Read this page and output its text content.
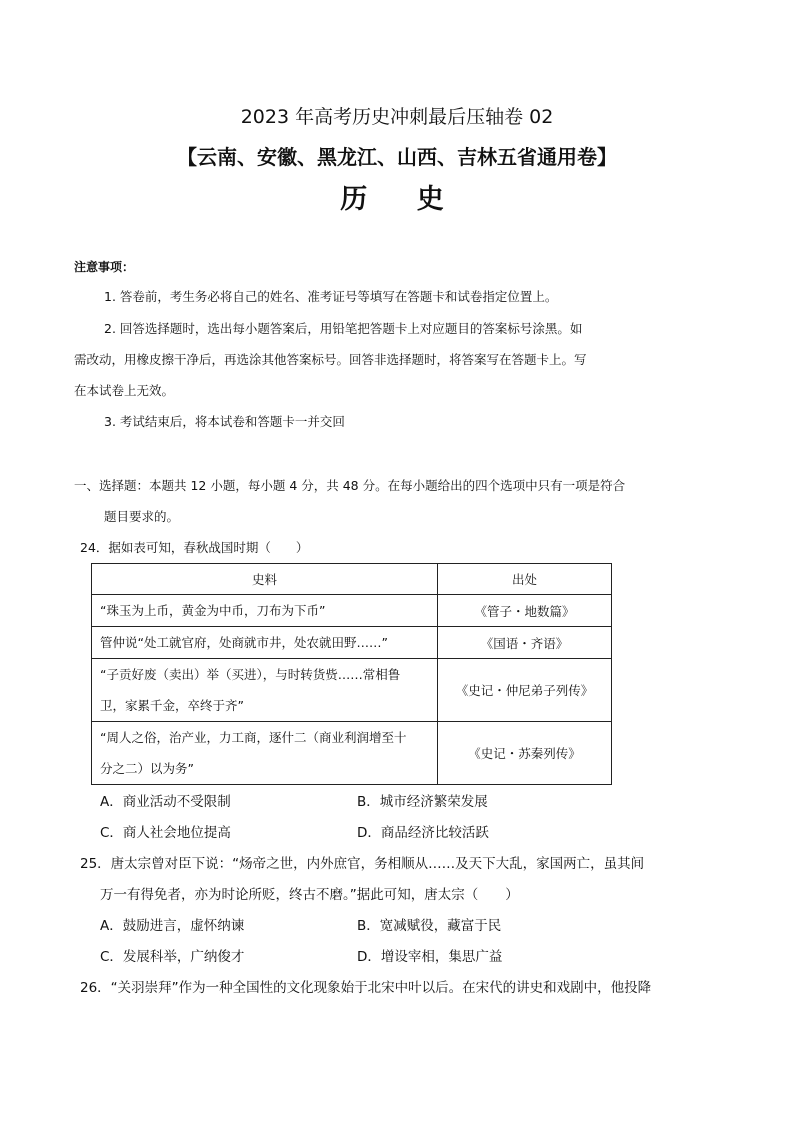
2023 年高考历史冲刺最后压轴卷 02
【云南、安徽、黑龙江、山西、吉林五省通用卷】
历 史
注意事项：
1. 答卷前，考生务必将自己的姓名、准考证号等填写在答题卡和试卷指定位置上。
2. 回答选择题时，选出每小题答案后，用铅笔把答题卡上对应题目的答案标号涂黑。如
需改动，用橡皮擦干净后，再选涂其他答案标号。回答非选择题时，将答案写在答题卡上。写
在本试卷上无效。
3. 考试结束后，将本试卷和答题卡一并交回
一、选择题：本题共 12 小题，每小题 4 分，共 48 分。在每小题给出的四个选项中只有一项是符合
题目要求的。
24．据如表可知，春秋战国时期（　　）
史料	出处
“珠玉为上币，黄金为中币，刀布为下币”	《管子・地数篇》
管仲说“处工就官府，处商就市井，处农就田野……”	《国语・齐语》

“子贡好废（卖出）举（买进），与时转货赀……常相鲁
卫，家累千金，卒终于齐”	《史记・仲尼弟子列传》

“周人之俗，治产业，力工商，逐什二（商业利润增至十
分之二）以为务”	《史记・苏秦列传》
A．商业活动不受限制	B．城市经济繁荣发展
C．商人社会地位提高	D．商品经济比较活跃
25．唐太宗曾对臣下说：“炀帝之世，内外庶官，务相顺从……及天下大乱，家国两亡，虽其间
万一有得免者，亦为时论所贬，终古不磨。”据此可知，唐太宗（　　）
A．鼓励进言，虚怀纳谏	B．宽减赋役，藏富于民
C．发展科举，广纳俊才	D．增设宰相，集思广益
26．“关羽崇拜”作为一种全国性的文化现象始于北宋中叶以后。在宋代的讲史和戏剧中，他投降
